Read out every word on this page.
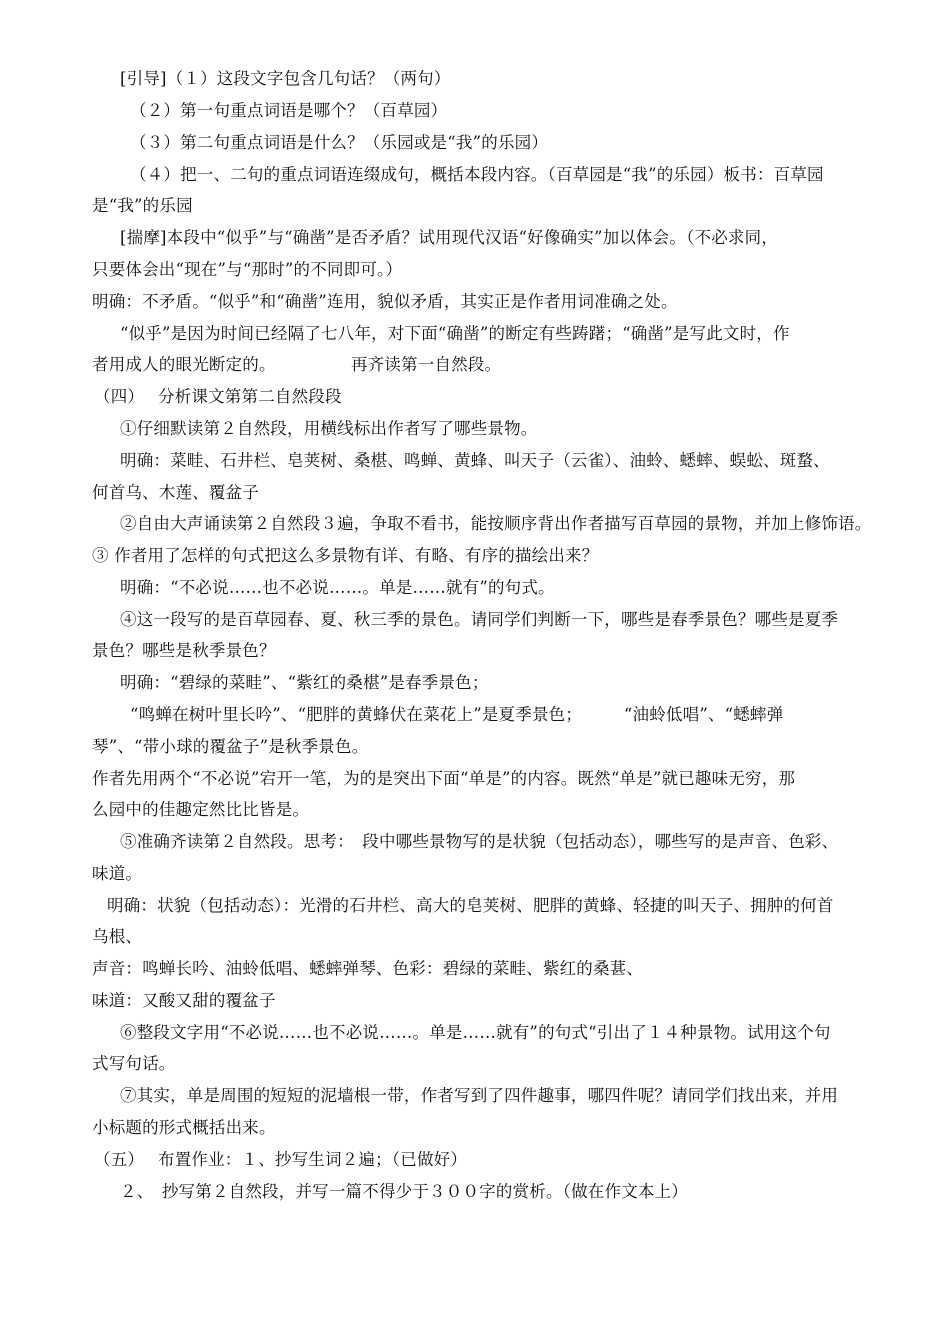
[引导]（１）这段文字包含几句话？（两句）
（２）第一句重点词语是哪个？（百草园）
（３）第二句重点词语是什么？（乐园或是“我”的乐园）
（４）把一、二句的重点词语连缀成句，概括本段内容。（百草园是“我”的乐园）板书：百草园
是“我”的乐园
[揣摩]本段中“似乎”与“确凿”是否矛盾？试用现代汉语“好像确实”加以体会。（不必求同，
只要体会出“现在”与“那时”的不同即可。）
明确：不矛盾。“似乎”和“确凿”连用，貌似矛盾，其实正是作者用词准确之处。
“似乎”是因为时间已经隔了七八年，对下面“确凿”的断定有些踌躇；“确凿”是写此文时，作
者用成人的眼光断定的。　　　　　再齐读第一自然段。
（四）　 分析课文第第二自然段段
①仔细默读第２自然段，用横线标出作者写了哪些景物。
明确：菜畦、石井栏、皂荚树、桑椹、鸣蝉、黄蜂、叫天子（云雀）、油蛉、蟋蟀、蜈蚣、斑蝥、
何首乌、木莲、覆盆子
②自由大声诵读第２自然段３遍，争取不看书，能按顺序背出作者描写百草园的景物，并加上修饰语。
③ 作者用了怎样的句式把这么多景物有详、有略、有序的描绘出来？
明确：“不必说……也不必说……。单是……就有”的句式。
④这一段写的是百草园春、夏、秋三季的景色。请同学们判断一下，哪些是春季景色？哪些是夏季
景色？哪些是秋季景色？
明确：“碧绿的菜畦”、“紫红的桑椹”是春季景色；
“鸣蝉在树叶里长吟”、“肥胖的黄蜂伏在菜花上”是夏季景色；　　　“油蛉低唱”、“蟋蟀弹
琴”、“带小球的覆盆子”是秋季景色。
作者先用两个“不必说”宕开一笔，为的是突出下面“单是”的内容。既然“单是”就已趣味无穷，那
么园中的佳趣定然比比皆是。
⑤准确齐读第２自然段。思考：　段中哪些景物写的是状貌（包括动态），哪些写的是声音、色彩、
味道。
明确：状貌（包括动态）：光滑的石井栏、高大的皂荚树、肥胖的黄蜂、轻捷的叫天子、拥肿的何首
乌根、
声音：鸣蝉长吟、油蛉低唱、蟋蟀弹琴、色彩：碧绿的菜畦、紫红的桑葚、
味道：又酸又甜的覆盆子
⑥整段文字用“不必说……也不必说……。单是……就有”的句式“引出了１４种景物。试用这个句
式写句话。
⑦其实，单是周围的短短的泥墙根一带，作者写到了四件趣事，哪四件呢？请同学们找出来，并用
小标题的形式概括出来。
（五）　 布置作业：１、抄写生词２遍；（已做好）
２、　抄写第２自然段，并写一篇不得少于３００字的赏析。（做在作文本上）
